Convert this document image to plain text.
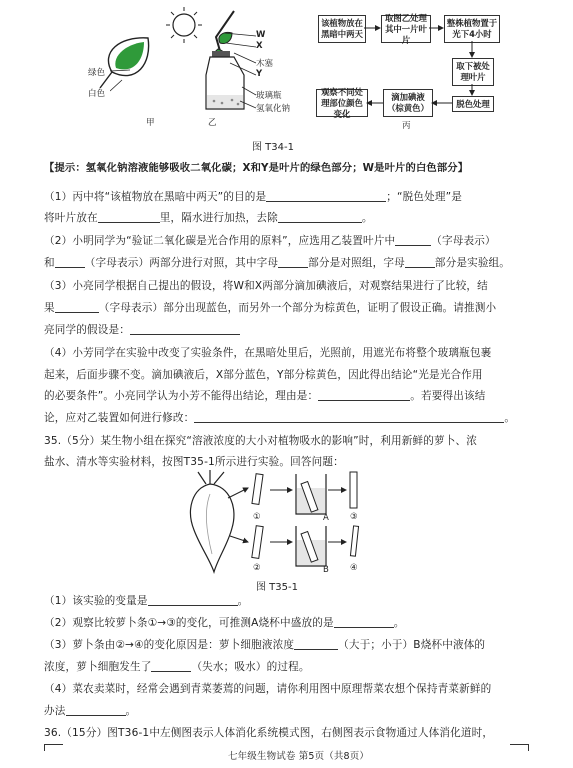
绿色
白色
甲
W
X
木塞
Y
玻璃瓶
氢氧化钠
乙
该植物放在黑暗中两天
取图乙处理其中一片叶片
整株植物置于光下4小时
取下被处理叶片
脱色处理
滴加碘液（棕黄色）
观察不同处理部位颜色变化
丙
图 T34-1
【提示：氢氧化钠溶液能够吸收二氧化碳；X和Y是叶片的绿色部分；W是叶片的白色部分】
（1）丙中将“该植物放在黑暗中两天”的目的是	；“脱色处理”是
将叶片放在	里，隔水进行加热，去除	。
（2）小明同学为“验证二氧化碳是光合作用的原料”，应选用乙装置叶片中	（字母表示）
和	（字母表示）两部分进行对照，其中字母	部分是对照组，字母	部分是实验组。
（3）小亮同学根据自己提出的假设，将W和X两部分滴加碘液后，对观察结果进行了比较，结
果	（字母表示）部分出现蓝色，而另外一个部分为棕黄色，证明了假设正确。请推测小
亮同学的假设是：
（4）小芳同学在实验中改变了实验条件，在黑暗处里后，光照前，用遮光布将整个玻璃瓶包裹
起来，后面步骤不变。滴加碘液后，X部分蓝色，Y部分棕黄色，因此得出结论“光是光合作用
的必要条件”。小亮同学认为小芳不能得出结论，理由是：	。若要得出该结
论，应对乙装置如何进行修改：	。
35.（5分）某生物小组在探究“溶液浓度的大小对植物吸水的影响”时，利用新鲜的萝卜、浓
盐水、清水等实验材料，按图T35-1所示进行实验。回答问题：
①	A ③
②	B ④
图 T35-1
（1）该实验的变量是	。
（2）观察比较萝卜条①→③的变化，可推测A烧杯中盛放的是	。
（3）萝卜条由②→④的变化原因是：萝卜细胞液浓度	（大于；小于）B烧杯中液体的
浓度，萝卜细胞发生了	（失水；吸水）的过程。
（4）菜农卖菜时，经常会遇到青菜萎蔫的问题，请你利用图中原理帮菜农想个保持青菜新鲜的
办法	。
36.（15分）图T36-1中左侧图表示人体消化系统模式图，右侧图表示食物通过人体消化道时，
七年级生物试卷 第5页（共8页）
